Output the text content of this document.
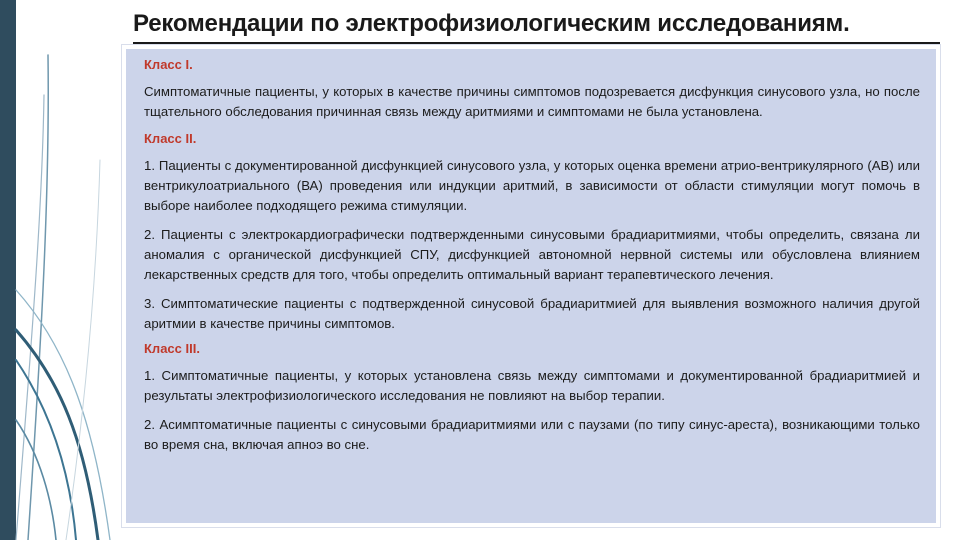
Рекомендации по электрофизиологическим исследованиям.
Класс I.

Симптоматичные пациенты, у которых в качестве причины симптомов подозревается дисфункция синусового узла, но после тщательного обследования причинная связь между аритмиями и симптомами не была установлена.

Класс II.

1. Пациенты с документированной дисфункцией синусового узла, у которых оценка времени атрио-вентрикулярного (АВ) или вентрикулоатриального (ВА) проведения или индукции аритмий, в зависимости от области стимуляции могут помочь в выборе наиболее подходящего режима стимуляции.

2. Пациенты с электрокардиографически подтвержденными синусовыми брадиаритмиями, чтобы определить, связана ли аномалия с органической дисфункцией СПУ, дисфункцией автономной нервной системы или обусловлена влиянием лекарственных средств для того, чтобы определить оптимальный вариант терапевтического лечения.

3. Симптоматические пациенты с подтвержденной синусовой брадиаритмией для выявления возможного наличия другой аритмии в качестве причины симптомов.

Класс III.

1. Симптоматичные пациенты, у которых установлена связь между симптомами и документированной брадиаритмией и результаты электрофизиологического исследования не повлияют на выбор терапии.

2. Асимптоматичные пациенты с синусовыми брадиаритмиями или с паузами (по типу синус-ареста), возникающими только во время сна, включая апноэ во сне.
